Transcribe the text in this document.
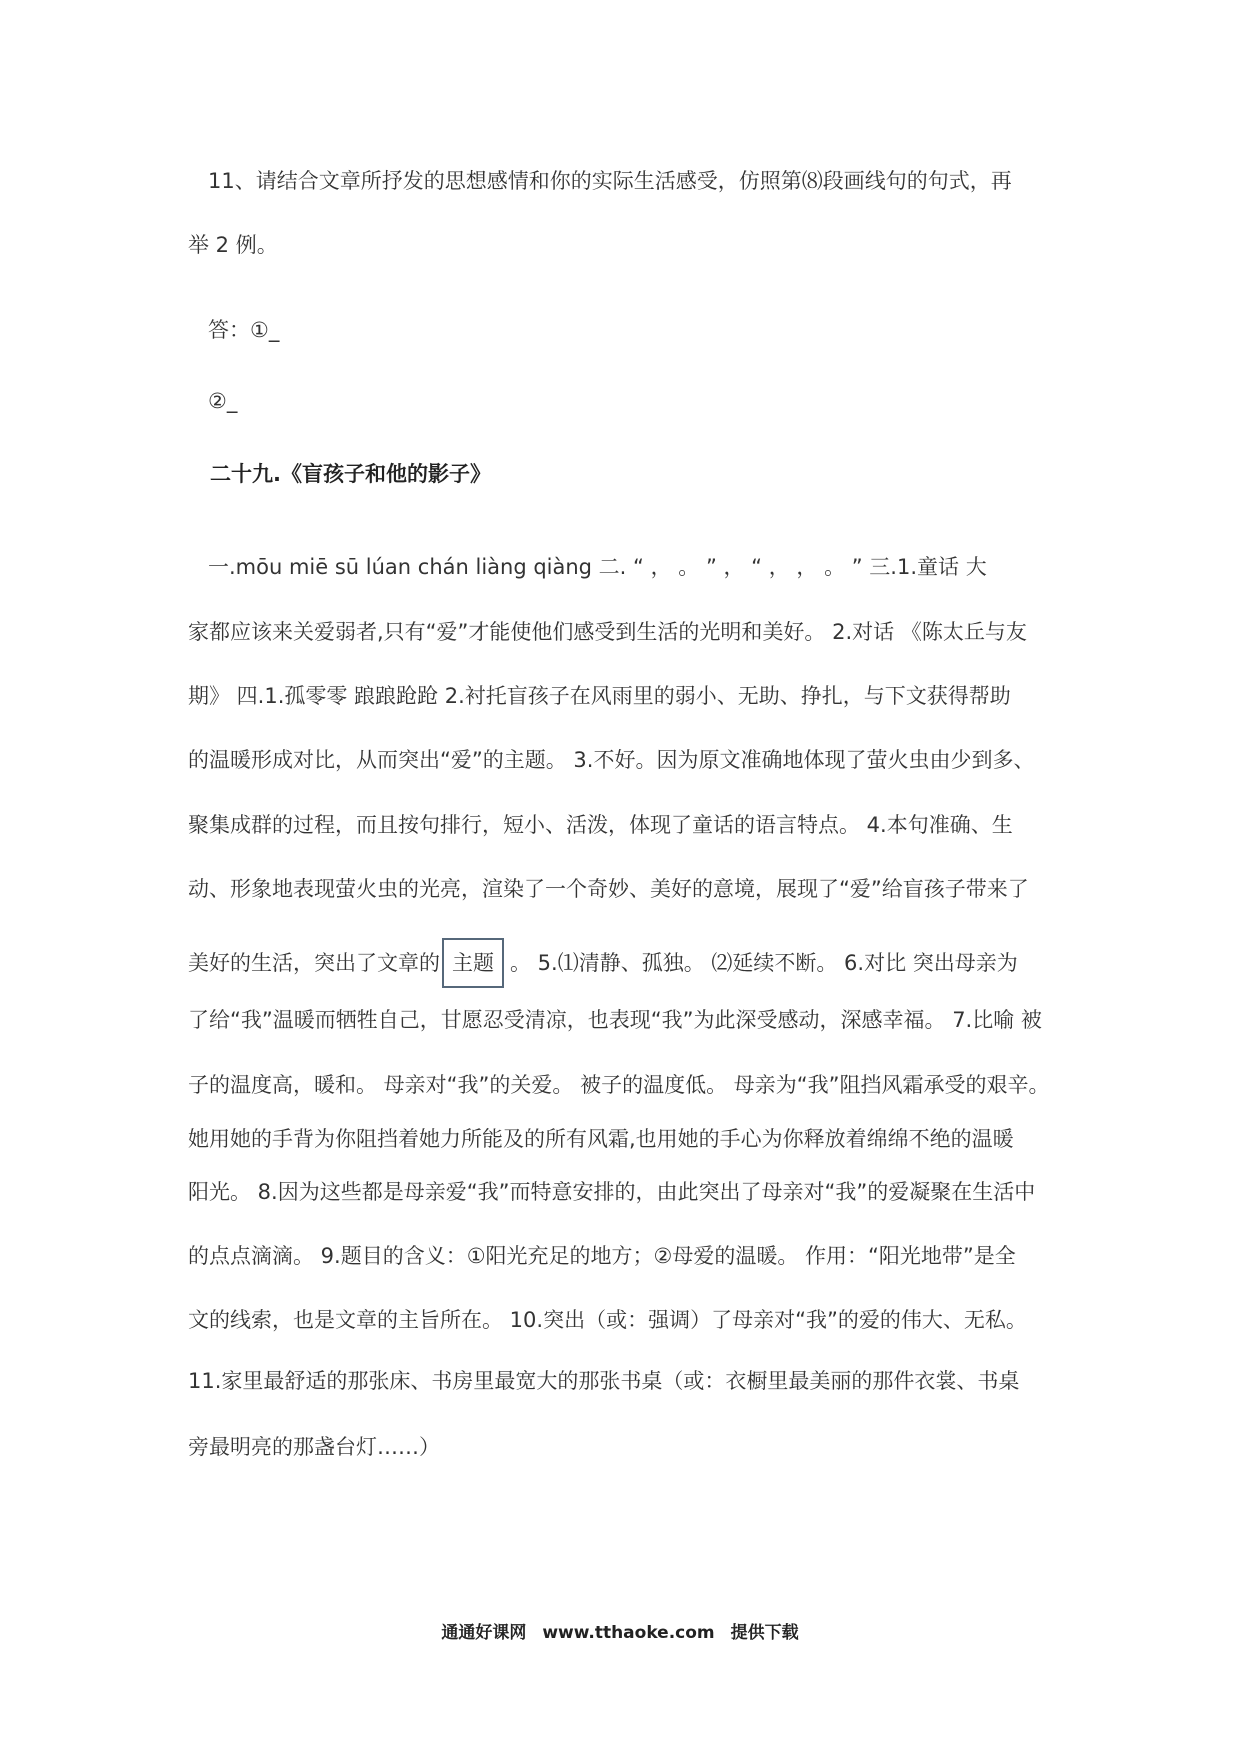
11、请结合文章所抒发的思想感情和你的实际生活感受，仿照第⑻段画线句的句式，再
举 2 例。
答：①_
②_
二十九.《盲孩子和他的影子》
一.mōu miē sū lúan chán liàng qiàng 二. “ ， 。 ” ， “ ， ， 。 ” 三.1.童话 大
家都应该来关爱弱者,只有“爱”才能使他们感受到生活的光明和美好。 2.对话 《陈太丘与友
期》 四.1.孤零零 踉踉跄跄 2.衬托盲孩子在风雨里的弱小、无助、挣扎，与下文获得帮助
的温暖形成对比，从而突出“爱”的主题。 3.不好。因为原文准确地体现了萤火虫由少到多、
聚集成群的过程，而且按句排行，短小、活泼，体现了童话的语言特点。 4.本句准确、生
动、形象地表现萤火虫的光亮，渲染了一个奇妙、美好的意境，展现了“爱”给盲孩子带来了
美好的生活，突出了文章的 主题 。 5.⑴清静、孤独。 ⑵延续不断。 6.对比 突出母亲为
了给“我”温暖而牺牲自己，甘愿忍受清凉，也表现“我”为此深受感动，深感幸福。 7.比喻 被
子的温度高，暖和。 母亲对“我”的关爱。 被子的温度低。 母亲为“我”阻挡风霜承受的艰辛。
她用她的手背为你阻挡着她力所能及的所有风霜,也用她的手心为你释放着绵绵不绝的温暖
阳光。 8.因为这些都是母亲爱“我”而特意安排的，由此突出了母亲对“我”的爱凝聚在生活中
的点点滴滴。 9.题目的含义：①阳光充足的地方；②母爱的温暖。 作用：“阳光地带”是全
文的线索，也是文章的主旨所在。 10.突出（或：强调）了母亲对“我”的爱的伟大、无私。
11.家里最舒适的那张床、书房里最宽大的那张书桌（或：衣橱里最美丽的那件衣裳、书桌
旁最明亮的那盏台灯……）
通通好课网 www.tthaoke.com 提供下载
